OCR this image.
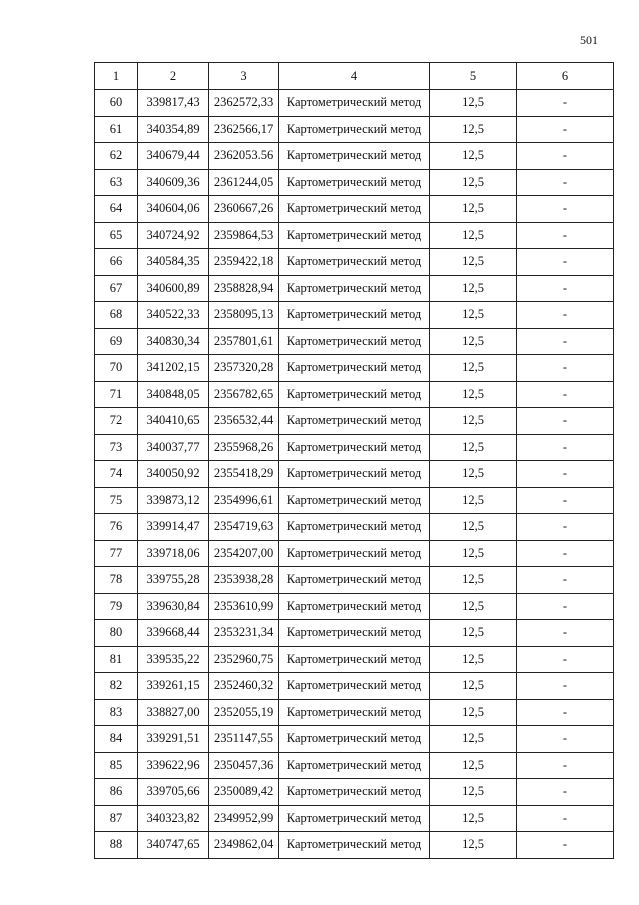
501
1	2	3	4	5	6
60	339817,43	2362572,33	Картометрический метод	12,5	-
61	340354,89	2362566,17	Картометрический метод	12,5	-
62	340679,44	2362053.56	Картометрический метод	12,5	-
63	340609,36	2361244,05	Картометрический метод	12,5	-
64	340604,06	2360667,26	Картометрический метод	12,5	-
65	340724,92	2359864,53	Картометрический метод	12,5	-
66	340584,35	2359422,18	Картометрический метод	12,5	-
67	340600,89	2358828,94	Картометрический метод	12,5	-
68	340522,33	2358095,13	Картометрический метод	12,5	-
69	340830,34	2357801,61	Картометрический метод	12,5	-
70	341202,15	2357320,28	Картометрический метод	12,5	-
71	340848,05	2356782,65	Картометрический метод	12,5	-
72	340410,65	2356532,44	Картометрический метод	12,5	-
73	340037,77	2355968,26	Картометрический метод	12,5	-
74	340050,92	2355418,29	Картометрический метод	12,5	-
75	339873,12	2354996,61	Картометрический метод	12,5	-
76	339914,47	2354719,63	Картометрический метод	12,5	-
77	339718,06	2354207,00	Картометрический метод	12,5	-
78	339755,28	2353938,28	Картометрический метод	12,5	-
79	339630,84	2353610,99	Картометрический метод	12,5	-
80	339668,44	2353231,34	Картометрический метод	12,5	-
81	339535,22	2352960,75	Картометрический метод	12,5	-
82	339261,15	2352460,32	Картометрический метод	12,5	-
83	338827,00	2352055,19	Картометрический метод	12,5	-
84	339291,51	2351147,55	Картометрический метод	12,5	-
85	339622,96	2350457,36	Картометрический метод	12,5	-
86	339705,66	2350089,42	Картометрический метод	12,5	-
87	340323,82	2349952,99	Картометрический метод	12,5	-
88	340747,65	2349862,04	Картометрический метод	12,5	-
